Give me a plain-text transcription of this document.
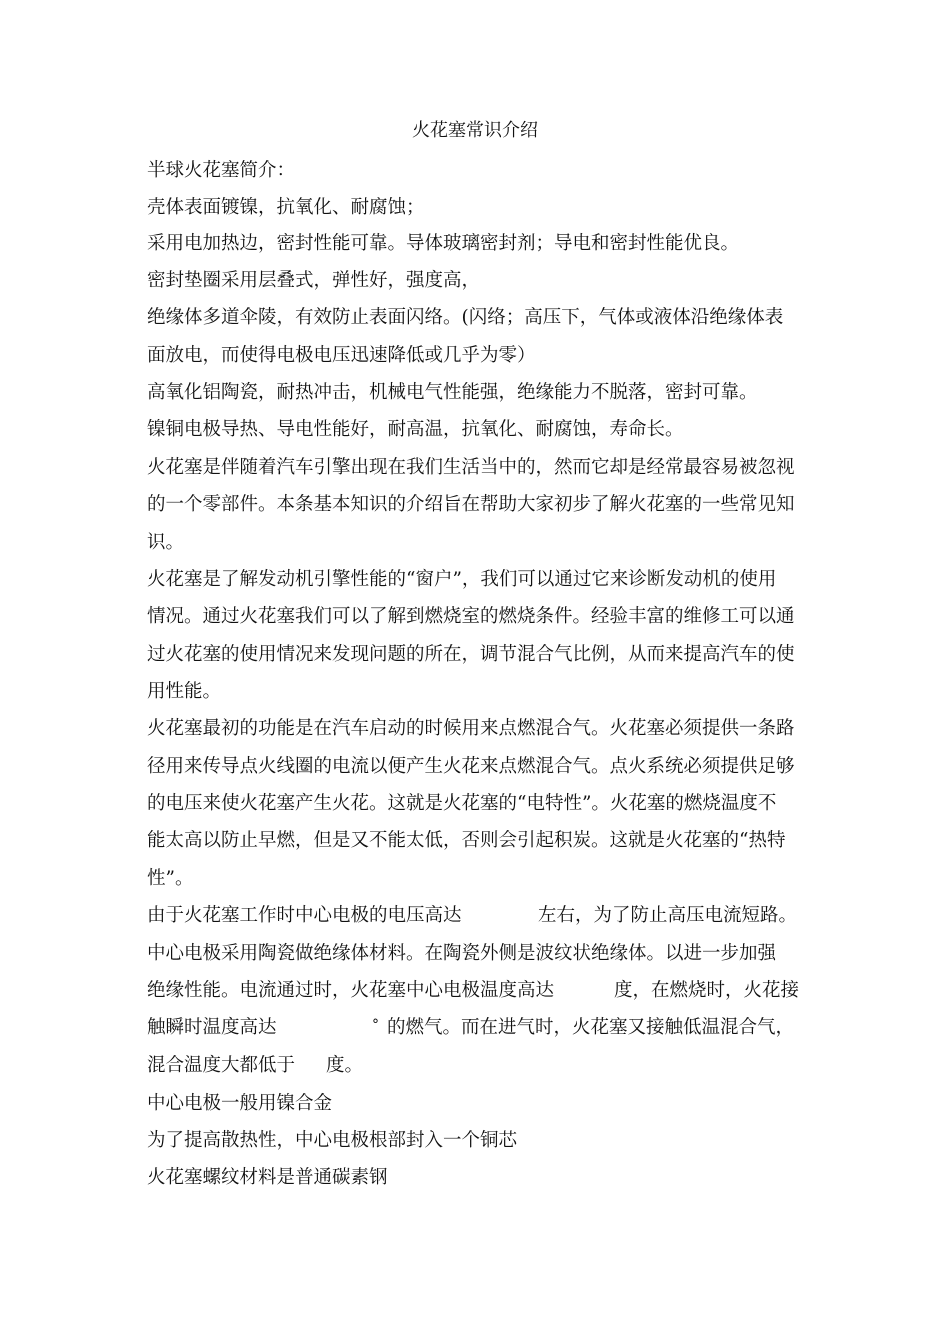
火花塞常识介绍
半球火花塞简介：
壳体表面镀镍，抗氧化、耐腐蚀；
采用电加热边，密封性能可靠。导体玻璃密封剂；导电和密封性能优良。
密封垫圈采用层叠式，弹性好，强度高，
绝缘体多道伞陵，有效防止表面闪络。(闪络；高压下，气体或液体沿绝缘体表
面放电，而使得电极电压迅速降低或几乎为零）
高氧化铝陶瓷，耐热冲击，机械电气性能强，绝缘能力不脱落，密封可靠。
镍铜电极导热、导电性能好，耐高温，抗氧化、耐腐蚀，寿命长。
火花塞是伴随着汽车引擎出现在我们生活当中的，然而它却是经常最容易被忽视
的一个零部件。本条基本知识的介绍旨在帮助大家初步了解火花塞的一些常见知
识。
火花塞是了解发动机引擎性能的“窗户”，我们可以通过它来诊断发动机的使用
情况。通过火花塞我们可以了解到燃烧室的燃烧条件。经验丰富的维修工可以通
过火花塞的使用情况来发现问题的所在，调节混合气比例，从而来提高汽车的使
用性能。
火花塞最初的功能是在汽车启动的时候用来点燃混合气。火花塞必须提供一条路
径用来传导点火线圈的电流以便产生火花来点燃混合气。点火系统必须提供足够
的电压来使火花塞产生火花。这就是火花塞的“电特性”。火花塞的燃烧温度不
能太高以防止早燃，但是又不能太低，否则会引起积炭。这就是火花塞的“热特
性”。
由于火花塞工作时中心电极的电压高达	左右，为了防止高压电流短路。
中心电极采用陶瓷做绝缘体材料。在陶瓷外侧是波纹状绝缘体。以进一步加强
绝缘性能。电流通过时，火花塞中心电极温度高达	度，在燃烧时，火花接
触瞬时温度高达	° 的燃气。而在进气时，火花塞又接触低温混合气，
混合温度大都低于 度。
中心电极一般用镍合金
为了提高散热性，中心电极根部封入一个铜芯
火花塞螺纹材料是普通碳素钢
